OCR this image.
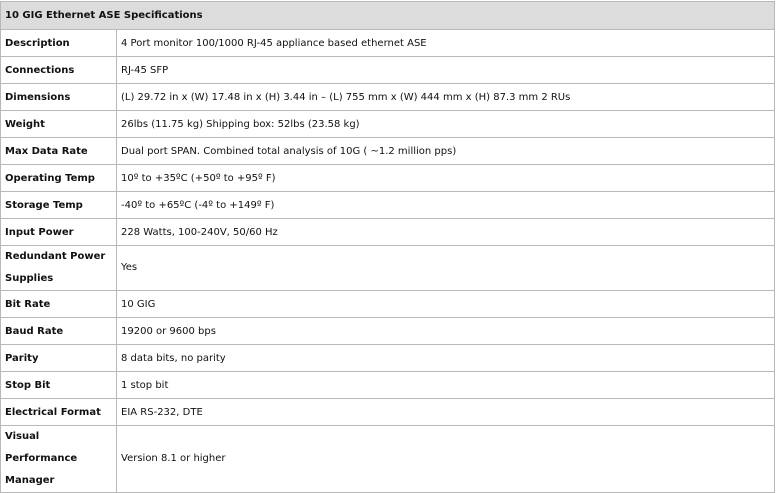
10 GIG Ethernet ASE Specifications	
Description	4 Port monitor 100/1000 RJ-45 appliance based ethernet ASE
Connections	RJ-45 SFP
Dimensions	(L) 29.72 in x (W) 17.48 in x (H) 3.44 in – (L) 755 mm x (W) 444 mm x (H) 87.3 mm 2 RUs
Weight	26lbs (11.75 kg) Shipping box: 52lbs (23.58 kg)
Max Data Rate	Dual port SPAN. Combined total analysis of 10G ( ~1.2 million pps)
Operating Temp	10º to +35ºC (+50º to +95º F)
Storage Temp	-40º to +65ºC (-4º to +149º F)
Input Power	228 Watts, 100-240V, 50/60 Hz
Redundant Power Supplies	Yes
Bit Rate	10 GIG
Baud Rate	19200 or 9600 bps
Parity	8 data bits, no parity
Stop Bit	1 stop bit
Electrical Format	EIA RS-232, DTE
Visual Performance Manager	Version 8.1 or higher
